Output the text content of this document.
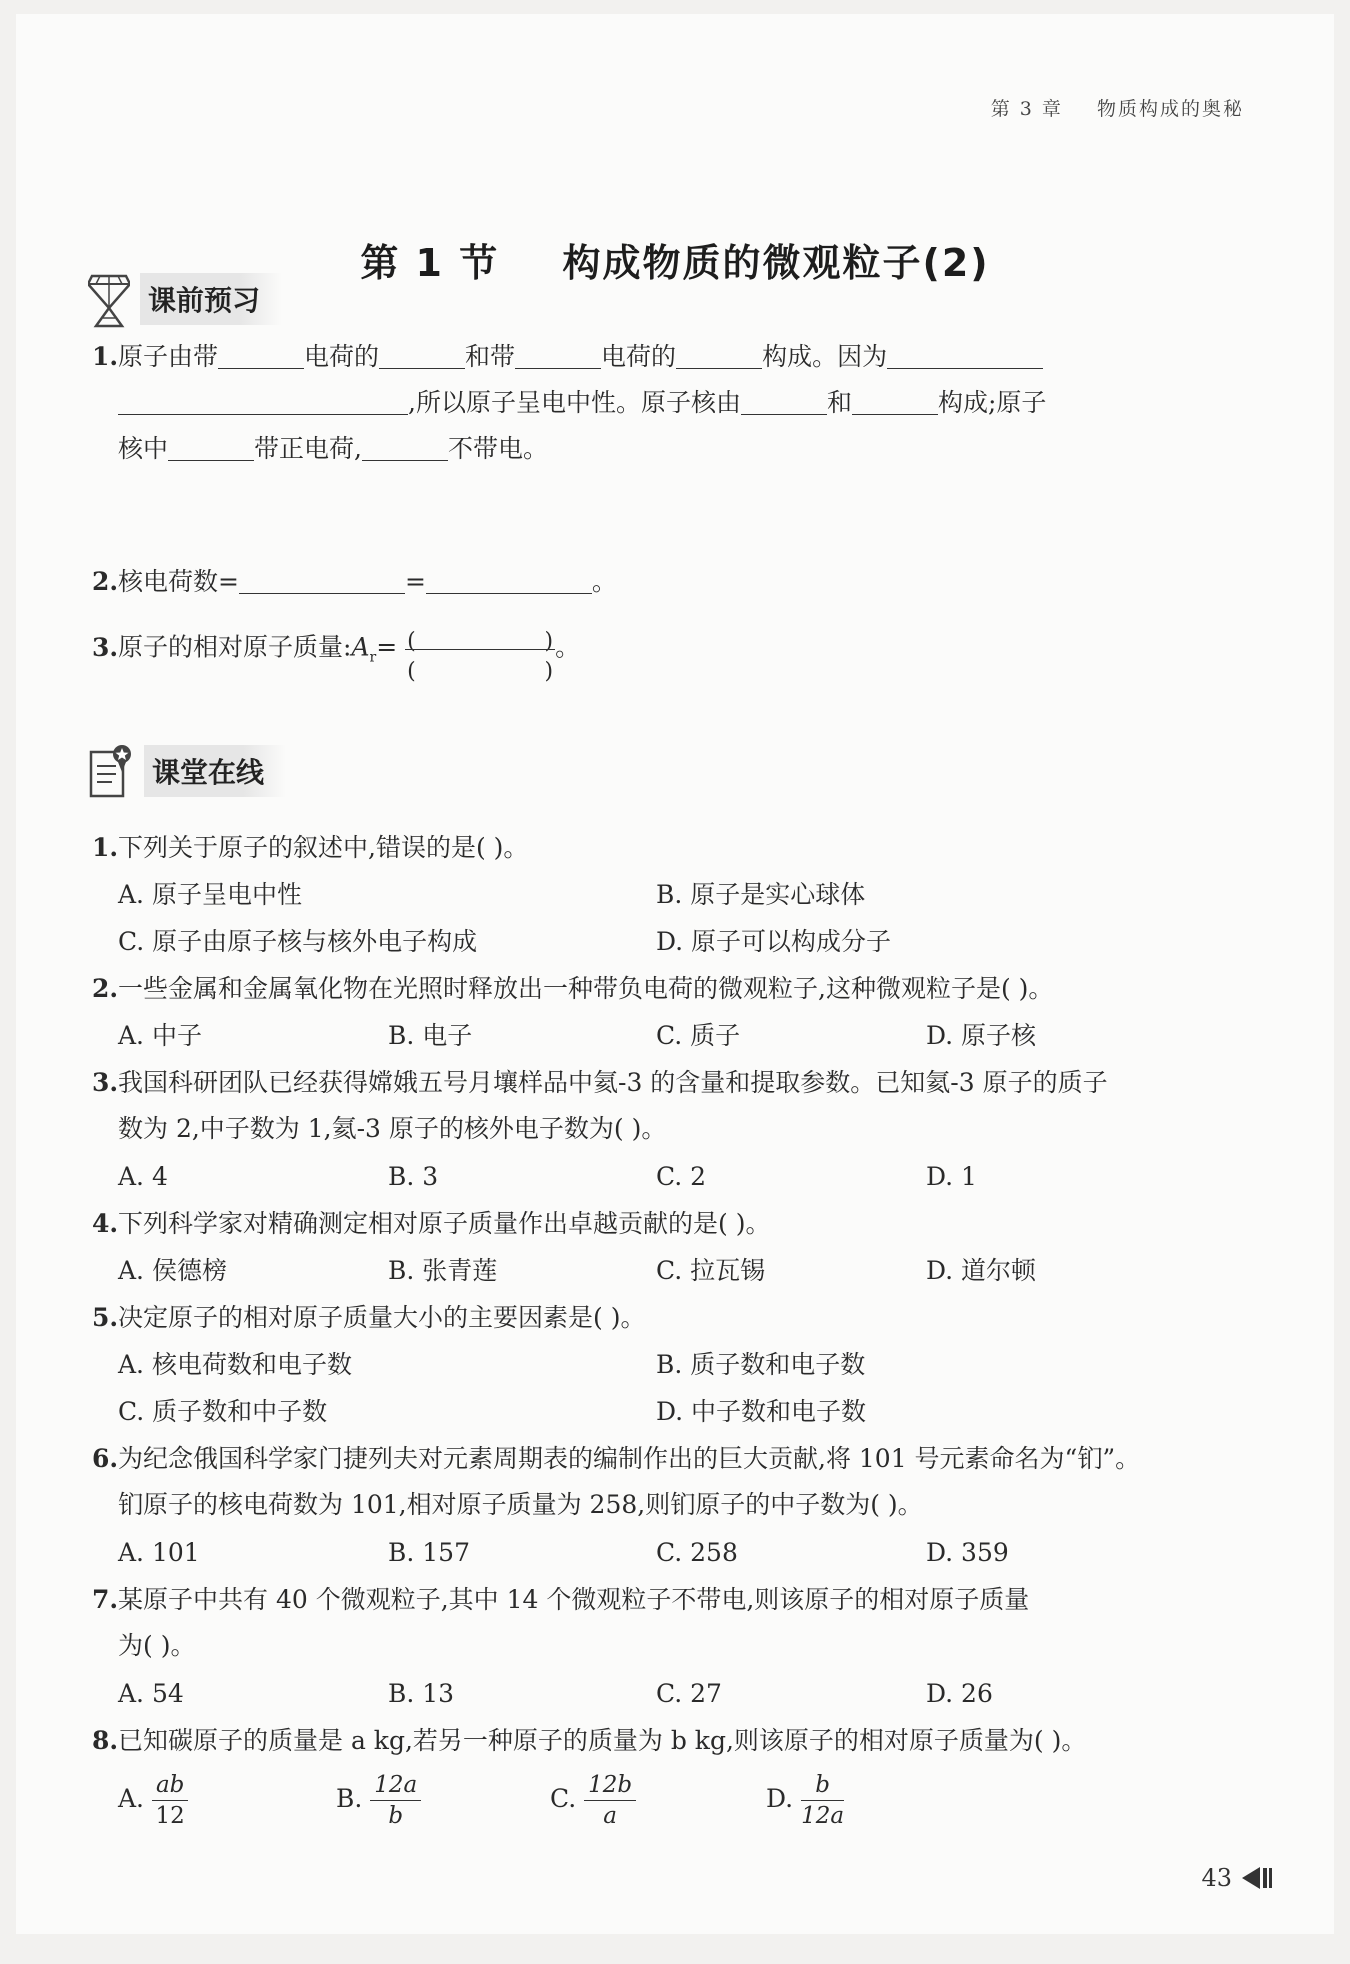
第 3 章 物质构成的奥秘
第 1 节 构成物质的微观粒子(2)
课前预习
1.原子由带	电荷的	和带	电荷的	构成。因为
,所以原子呈电中性。原子核由	和	构成;原子
核中	带正电荷,	不带电。
2.核电荷数=	=	。
3.原子的相对原子质量$:A_r=$ (	)
(	)
。
课堂在线
1.下列关于原子的叙述中,错误的是( )。
A. 原子呈电中性	B. 原子是实心球体
C. 原子由原子核与核外电子构成	D. 原子可以构成分子
2.一些金属和金属氧化物在光照时释放出一种带负电荷的微观粒子,这种微观粒子是( )。
A. 中子	B. 电子	C. 质子	D. 原子核
3.我国科研团队已经获得嫦娥五号月壤样品中氦-3 的含量和提取参数。已知氦-3 原子的质子
数为 2,中子数为 1,氦-3 原子的核外电子数为( )。
A. 4	B. 3	C. 2	D. 1
4.下列科学家对精确测定相对原子质量作出卓越贡献的是( )。
A. 侯德榜	B. 张青莲	C. 拉瓦锡	D. 道尔顿
5.决定原子的相对原子质量大小的主要因素是( )。
A. 核电荷数和电子数	B. 质子数和电子数
C. 质子数和中子数	D. 中子数和电子数
6.为纪念俄国科学家门捷列夫对元素周期表的编制作出的巨大贡献,将 101 号元素命名为“钔”。
钔原子的核电荷数为 101,相对原子质量为 258,则钔原子的中子数为( )。
A. 101	B. 157	C. 258	D. 359
7.某原子中共有 40 个微观粒子,其中 14 个微观粒子不带电,则该原子的相对原子质量
为( )。
A. 54	B. 13	C. 27	D. 26
8.已知碳原子的质量是 a kg,若另一种原子的质量为 b kg,则该原子的相对原子质量为( )。
A. $\frac{ab}{12}$	B. $\frac{12a}{b}$	C. $\frac{12b}{a}$	D. $\frac{b}{12a}$
43
